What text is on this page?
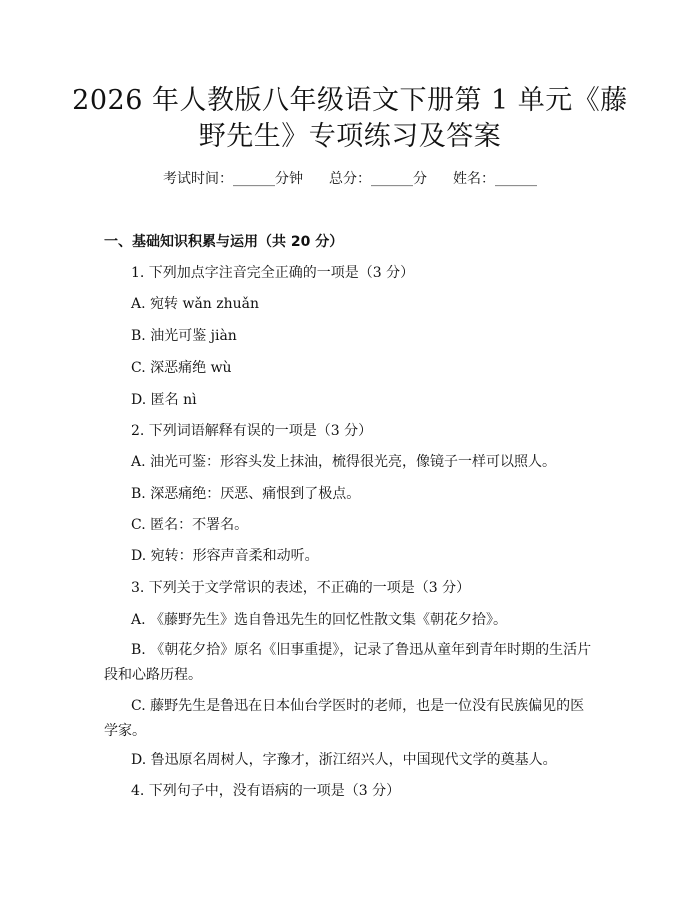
2026 年人教版八年级语文下册第 1 单元《藤
野先生》专项练习及答案
考试时间：______分钟 总分：______分 姓名：______
一、基础知识积累与运用（共 20 分）
1. 下列加点字注音完全正确的一项是（3 分）
A. 宛转 wǎn zhuǎn
B. 油光可鉴 jiàn
C. 深恶痛绝 wù
D. 匿名 nì
2. 下列词语解释有误的一项是（3 分）
A. 油光可鉴：形容头发上抹油，梳得很光亮，像镜子一样可以照人。
B. 深恶痛绝：厌恶、痛恨到了极点。
C. 匿名：不署名。
D. 宛转：形容声音柔和动听。
3. 下列关于文学常识的表述，不正确的一项是（3 分）
A. 《藤野先生》选自鲁迅先生的回忆性散文集《朝花夕拾》。
B. 《朝花夕拾》原名《旧事重提》，记录了鲁迅从童年到青年时期的生活片段和心路历程。
C. 藤野先生是鲁迅在日本仙台学医时的老师，也是一位没有民族偏见的医学家。
D. 鲁迅原名周树人，字豫才，浙江绍兴人，中国现代文学的奠基人。
4. 下列句子中，没有语病的一项是（3 分）
